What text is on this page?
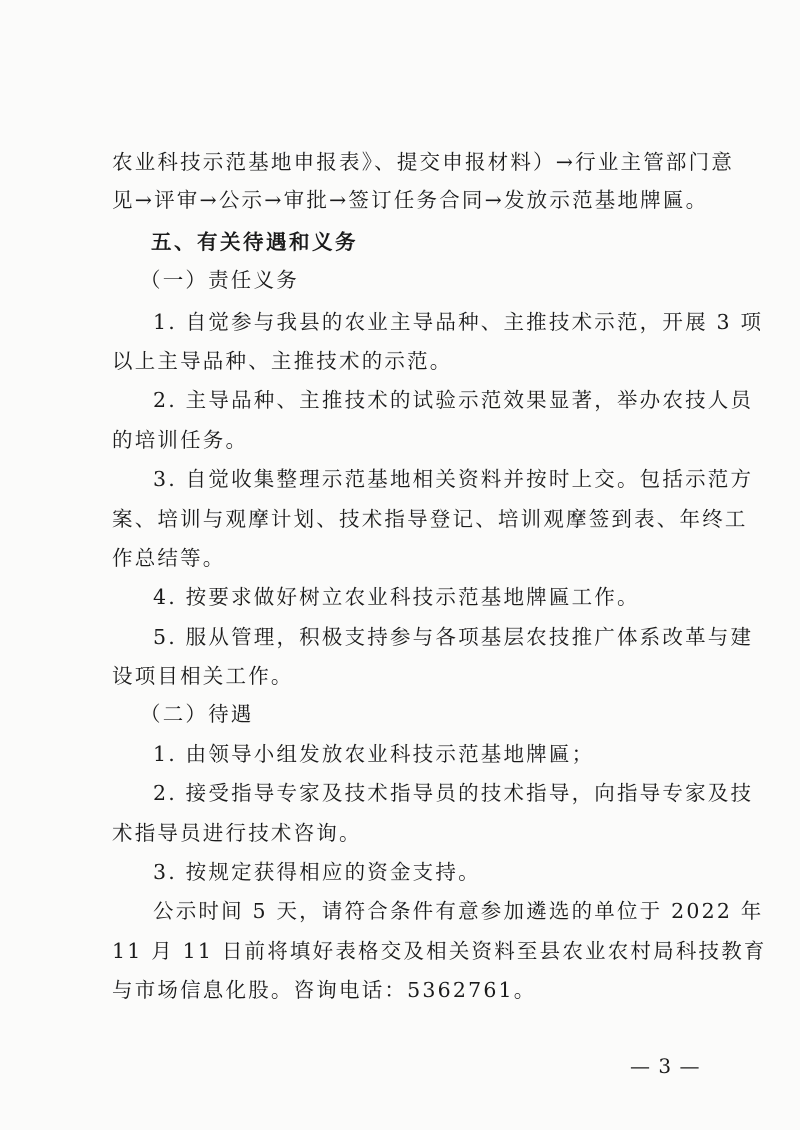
农业科技示范基地申报表》、提交申报材料）→行业主管部门意
见→评审→公示→审批→签订任务合同→发放示范基地牌匾。
五、有关待遇和义务
（一）责任义务
1. 自觉参与我县的农业主导品种、主推技术示范，开展 3 项
以上主导品种、主推技术的示范。
2. 主导品种、主推技术的试验示范效果显著，举办农技人员
的培训任务。
3. 自觉收集整理示范基地相关资料并按时上交。包括示范方
案、培训与观摩计划、技术指导登记、培训观摩签到表、年终工
作总结等。
4. 按要求做好树立农业科技示范基地牌匾工作。
5. 服从管理，积极支持参与各项基层农技推广体系改革与建
设项目相关工作。
（二）待遇
1. 由领导小组发放农业科技示范基地牌匾；
2. 接受指导专家及技术指导员的技术指导，向指导专家及技
术指导员进行技术咨询。
3. 按规定获得相应的资金支持。
公示时间 5 天，请符合条件有意参加遴选的单位于 2022 年
11 月 11 日前将填好表格交及相关资料至县农业农村局科技教育
与市场信息化股。咨询电话：5362761。
— 3 —
